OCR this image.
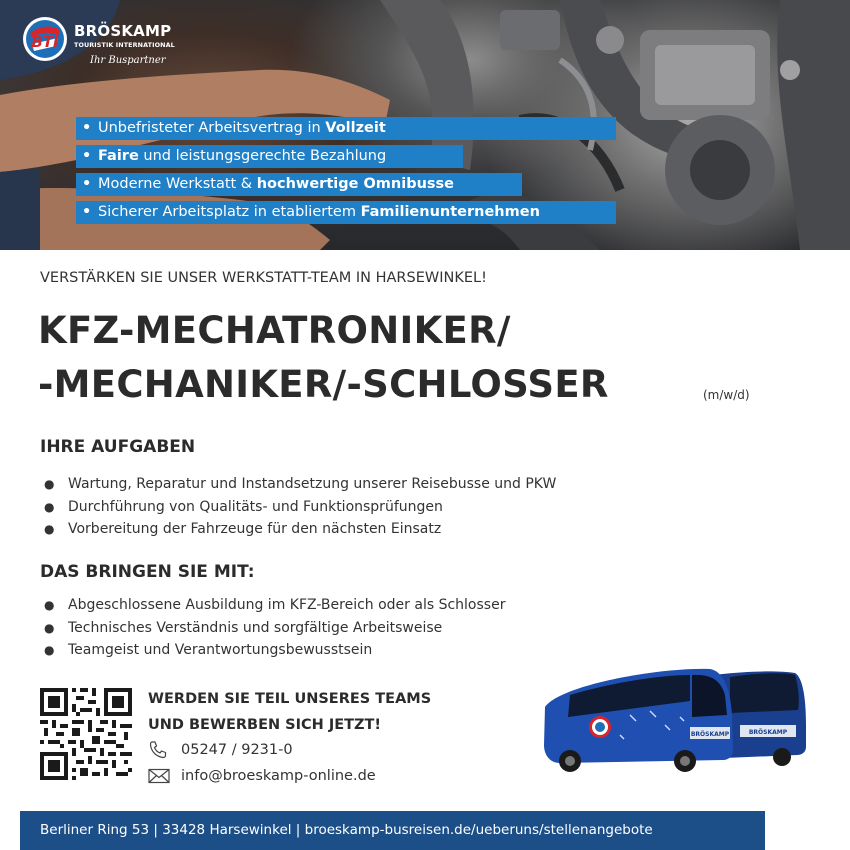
BTI
BRÖSKAMP
TOURISTIK INTERNATIONAL
Ihr Buspartner
• Unbefristeter Arbeitsvertrag in Vollzeit
• Faire und leistungsgerechte Bezahlung
• Moderne Werkstatt & hochwertige Omnibusse
• Sicherer Arbeitsplatz in etabliertem Familienunternehmen
VERSTÄRKEN SIE UNSER WERKSTATT-TEAM IN HARSEWINKEL!
KFZ-MECHATRONIKER/
-MECHANIKER/-SCHLOSSER	(m/w/d)
IHRE AUFGABEN
● Wartung, Reparatur und Instandsetzung unserer Reisebusse und PKW
● Durchführung von Qualitäts- und Funktionsprüfungen
● Vorbereitung der Fahrzeuge für den nächsten Einsatz
DAS BRINGEN SIE MIT:
● Abgeschlossene Ausbildung im KFZ-Bereich oder als Schlosser
● Technisches Verständnis und sorgfältige Arbeitsweise
● Teamgeist und Verantwortungsbewusstsein
WERDEN SIE TEIL UNSERES TEAMS
UND BEWERBEN SICH JETZT!
05247 / 9231-0
info@broeskamp-online.de
BRÖSKAMP
BRÖSKAMP
Berliner Ring 53 | 33428 Harsewinkel | broeskamp-busreisen.de/ueberuns/stellenangebote
